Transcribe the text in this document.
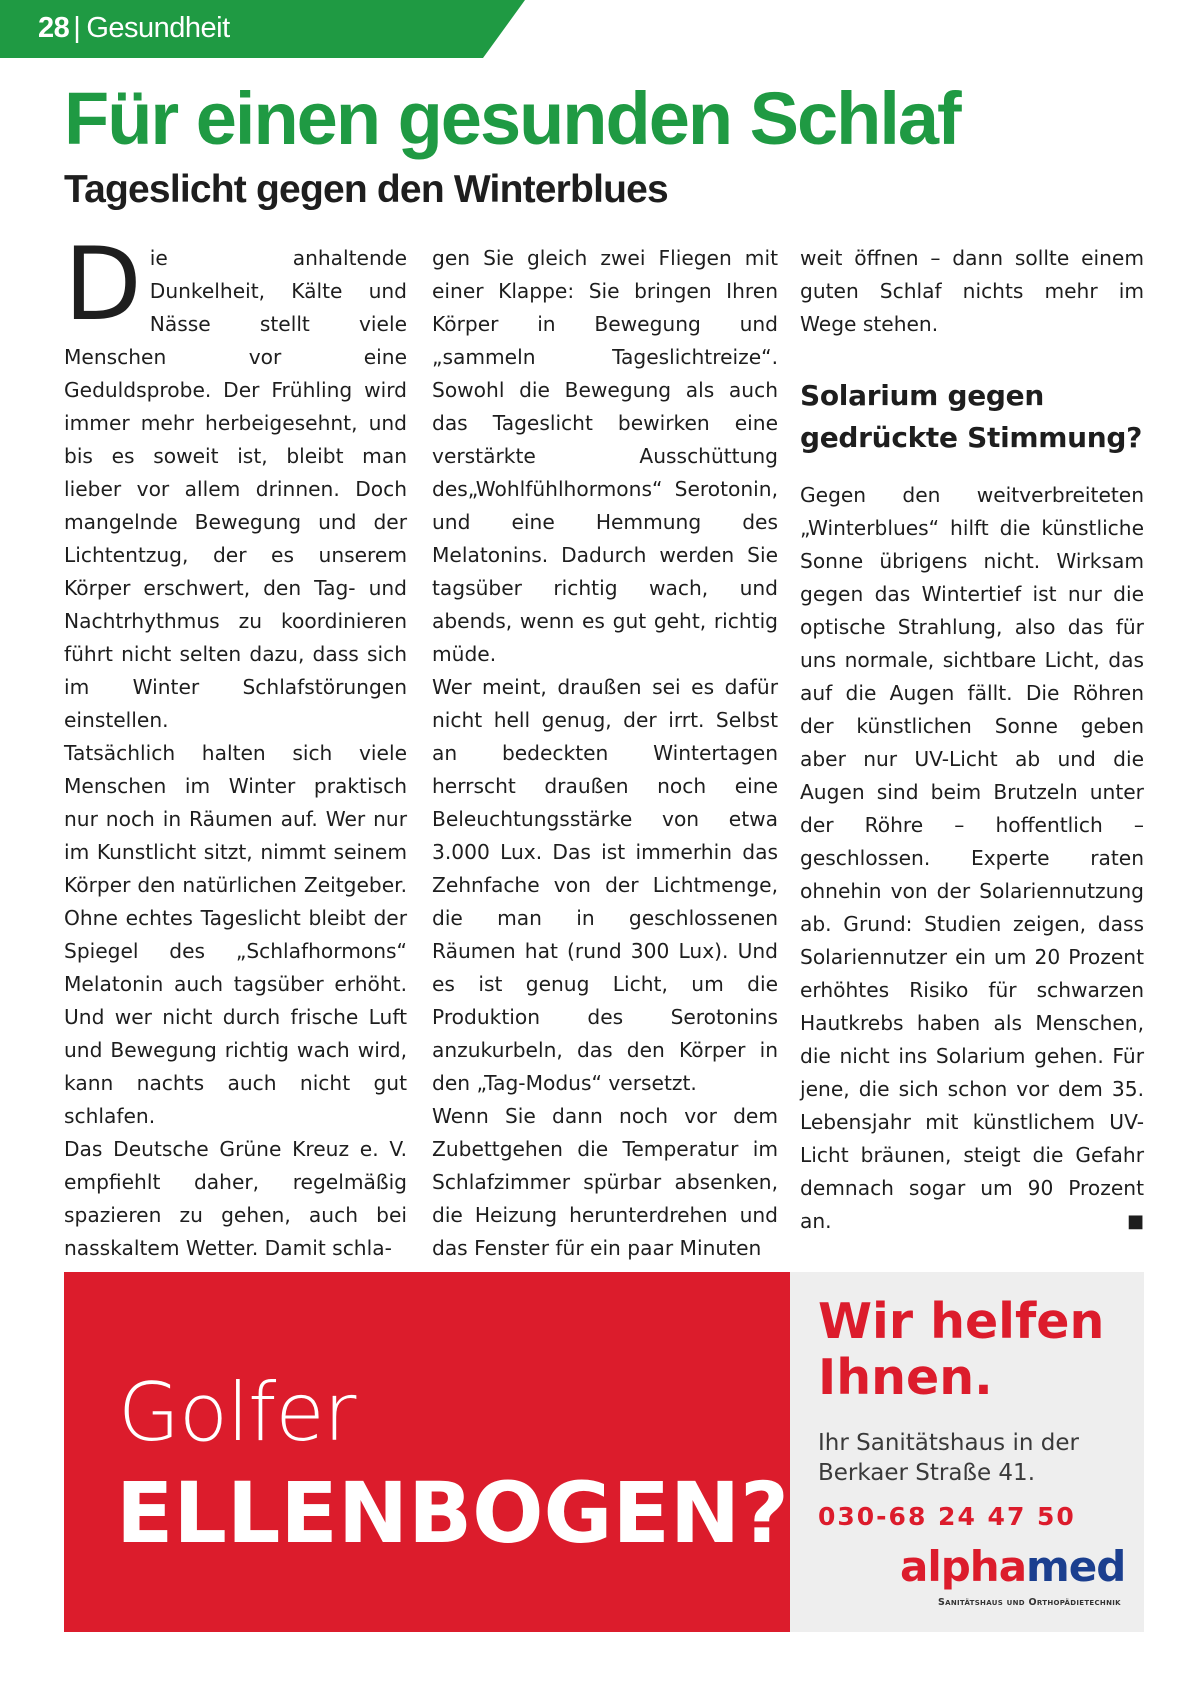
28 | Gesundheit
Für einen gesunden Schlaf
Tageslicht gegen den Winterblues
D ie anhaltende Dunkelheit, Kälte und Nässe stellt viele Menschen vor eine Geduldsprobe. Der Frühling wird immer mehr herbeigesehnt, und bis es soweit ist, bleibt man lieber vor allem drinnen. Doch mangelnde Bewegung und der Lichtentzug, der es unserem Körper erschwert, den Tag- und Nachtrhythmus zu koordinieren führt nicht selten dazu, dass sich im Winter Schlafstörungen einstellen.

Tatsächlich halten sich viele Menschen im Winter praktisch nur noch in Räumen auf. Wer nur im Kunstlicht sitzt, nimmt seinem Körper den natürlichen Zeitgeber. Ohne echtes Tageslicht bleibt der Spiegel des „Schlafhormons“ Melatonin auch tagsüber erhöht. Und wer nicht durch frische Luft und Bewegung richtig wach wird, kann nachts auch nicht gut schlafen.

Das Deutsche Grüne Kreuz e. V. empfiehlt daher, regelmäßig spazieren zu gehen, auch bei nasskaltem Wetter. Damit schla-

gen Sie gleich zwei Fliegen mit einer Klappe: Sie bringen Ihren Körper in Bewegung und „sammeln Tageslichtreize“. Sowohl die Bewegung als auch das Tageslicht bewirken eine verstärkte Ausschüttung des„Wohlfühlhormons“ Serotonin, und eine Hemmung des Melatonins. Dadurch werden Sie tagsüber richtig wach, und abends, wenn es gut geht, richtig müde.

Wer meint, draußen sei es dafür nicht hell genug, der irrt. Selbst an bedeckten Wintertagen herrscht draußen noch eine Beleuchtungsstärke von etwa 3.000 Lux. Das ist immerhin das Zehnfache von der Lichtmenge, die man in geschlossenen Räumen hat (rund 300 Lux). Und es ist genug Licht, um die Produktion des Serotonins anzukurbeln, das den Körper in den „Tag-Modus“ versetzt.

Wenn Sie dann noch vor dem Zubettgehen die Temperatur im Schlafzimmer spürbar absenken, die Heizung herunterdrehen und das Fenster für ein paar Minuten

weit öffnen – dann sollte einem guten Schlaf nichts mehr im Wege stehen.

Solarium gegen gedrückte Stimmung?

Gegen den weitverbreiteten „Winterblues“ hilft die künstliche Sonne übrigens nicht. Wirksam gegen das Wintertief ist nur die optische Strahlung, also das für uns normale, sichtbare Licht, das auf die Augen fällt. Die Röhren der künstlichen Sonne geben aber nur UV-Licht ab und die Augen sind beim Brutzeln unter der Röhre – hoffentlich – geschlossen. Experte raten ohnehin von der Solariennutzung ab. Grund: Studien zeigen, dass Solariennutzer ein um 20 Prozent erhöhtes Risiko für schwarzen Hautkrebs haben als Menschen, die nicht ins Solarium gehen. Für jene, die sich schon vor dem 35. Lebensjahr mit künstlichem UV-Licht bräunen, steigt die Gefahr demnach sogar um 90 Prozent an.	■

Golfer
ELLENBOGEN?
Wir helfen Ihnen.
Ihr Sanitätshaus in der Berkaer Straße 41.
030-68 24 47 50
alphamed
Sanitätshaus und Orthopädietechnik
